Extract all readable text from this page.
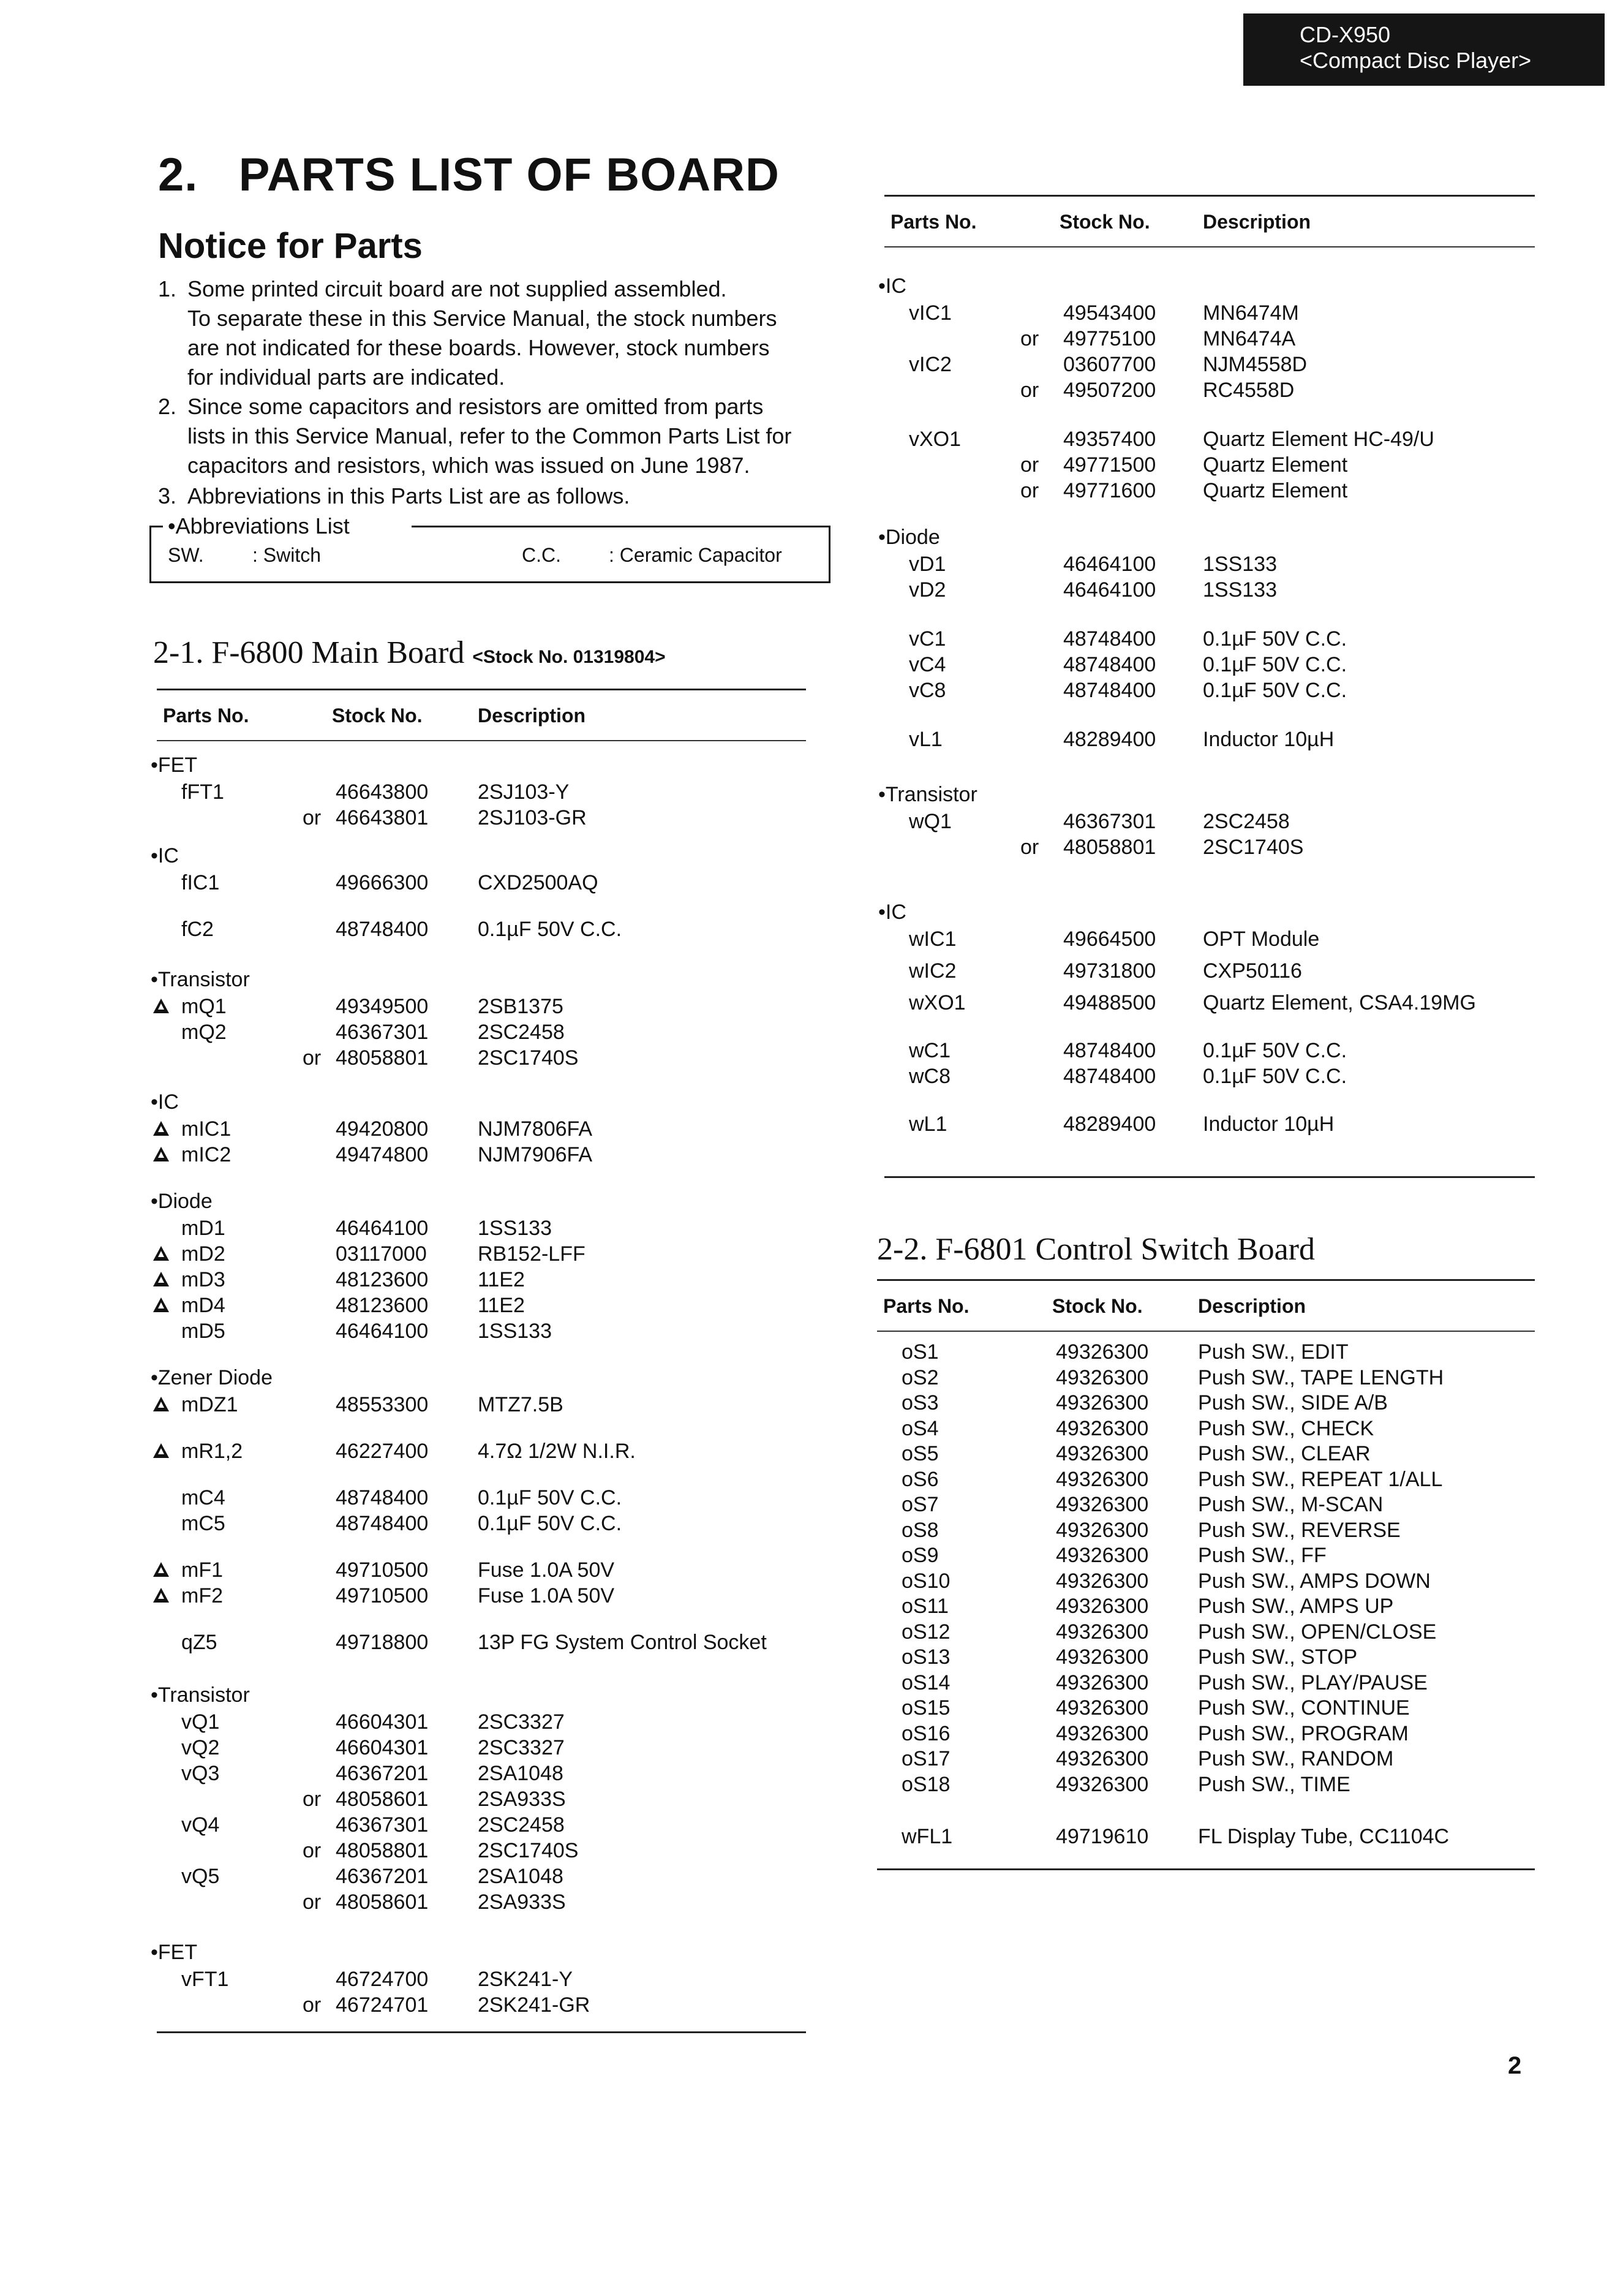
CD-X950
<Compact Disc Player>
2.   PARTS LIST OF BOARD
Notice for Parts
1. Some printed circuit board are not supplied assembled.
To separate these in this Service Manual, the stock numbers
are not indicated for these boards. However, stock numbers
for individual parts are indicated.
2. Since some capacitors and resistors are omitted from parts
lists in this Service Manual, refer to the Common Parts List for
capacitors and resistors, which was issued on June 1987.
3. Abbreviations in this Parts List are as follows.
•Abbreviations List
SW. : Switch	C.C. : Ceramic Capacitor
2-1. F-6800 Main Board <Stock No. 01319804>
Parts No.	Stock No.	Description
•FET
fFT1	46643800 2SJ103-Y
or 46643801 2SJ103-GR
•IC
fIC1	49666300 CXD2500AQ
fC2	48748400 0.1µF 50V C.C.
•Transistor
mQ1	49349500 2SB1375
mQ2	46367301 2SC2458
or 48058801 2SC1740S
•IC
mIC1	49420800 NJM7806FA
mIC2	49474800 NJM7906FA
•Diode
mD1	46464100 1SS133
mD2	03117000 RB152-LFF
mD3	48123600 11E2
mD4	48123600 11E2
mD5	46464100 1SS133
•Zener Diode
mDZ1	48553300 MTZ7.5B
mR1,2	46227400 4.7Ω 1/2W N.I.R.
mC4	48748400 0.1µF 50V C.C.
mC5	48748400 0.1µF 50V C.C.
mF1	49710500 Fuse 1.0A 50V
mF2	49710500 Fuse 1.0A 50V
qZ5	49718800 13P FG System Control Socket
•Transistor
vQ1	46604301 2SC3327
vQ2	46604301 2SC3327
vQ3	46367201 2SA1048
or 48058601 2SA933S
vQ4	46367301 2SC2458
or 48058801 2SC1740S
vQ5	46367201 2SA1048
or 48058601 2SA933S
•FET
vFT1	46724700 2SK241-Y
or 46724701 2SK241-GR
Parts No.	Stock No.	Description
•IC
vIC1	49543400 MN6474M
or 49775100 MN6474A
vIC2	03607700 NJM4558D
or 49507200 RC4558D
vXO1	49357400 Quartz Element HC-49/U
or 49771500 Quartz Element
or 49771600 Quartz Element
•Diode
vD1	46464100 1SS133
vD2	46464100 1SS133
vC1	48748400 0.1µF 50V C.C.
vC4	48748400 0.1µF 50V C.C.
vC8	48748400 0.1µF 50V C.C.
vL1	48289400 Inductor 10µH
•Transistor
wQ1	46367301 2SC2458
or 48058801 2SC1740S
•IC
wIC1	49664500 OPT Module
wIC2	49731800 CXP50116
wXO1	49488500 Quartz Element, CSA4.19MG
wC1	48748400 0.1µF 50V C.C.
wC8	48748400 0.1µF 50V C.C.
wL1	48289400 Inductor 10µH
2-2. F-6801 Control Switch Board
Parts No.	Stock No.	Description
oS1	49326300 Push SW., EDIT
oS2	49326300 Push SW., TAPE LENGTH
oS3	49326300 Push SW., SIDE A/B
oS4	49326300 Push SW., CHECK
oS5	49326300 Push SW., CLEAR
oS6	49326300 Push SW., REPEAT 1/ALL
oS7	49326300 Push SW., M-SCAN
oS8	49326300 Push SW., REVERSE
oS9	49326300 Push SW., FF
oS10	49326300 Push SW., AMPS DOWN
oS11	49326300 Push SW., AMPS UP
oS12	49326300 Push SW., OPEN/CLOSE
oS13	49326300 Push SW., STOP
oS14	49326300 Push SW., PLAY/PAUSE
oS15	49326300 Push SW., CONTINUE
oS16	49326300 Push SW., PROGRAM
oS17	49326300 Push SW., RANDOM
oS18	49326300 Push SW., TIME
wFL1	49719610 FL Display Tube, CC1104C
2
